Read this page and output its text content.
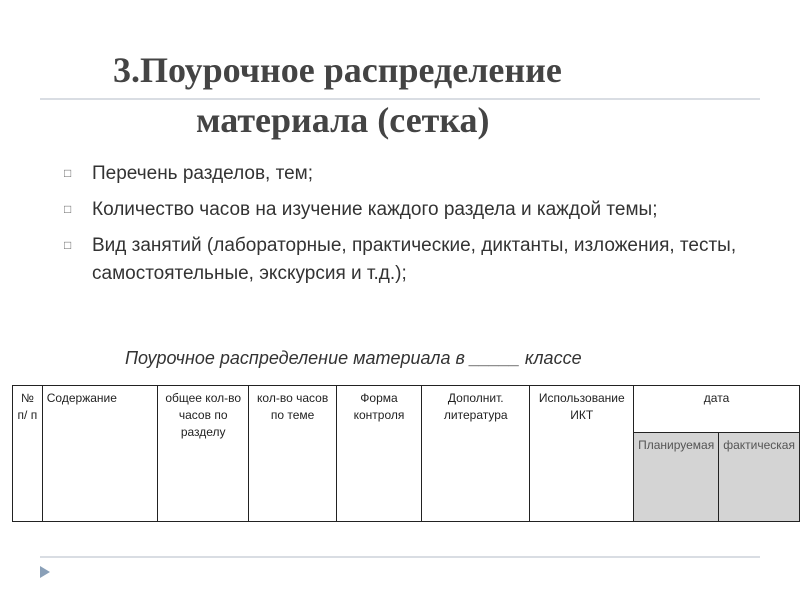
3.Поурочное распределение
материала (сетка)
□ Перечень разделов, тем;
□ Количество часов на изучение каждого раздела и каждой темы;
□ Вид занятий (лабораторные, практические, диктанты, изложения, тесты, самостоятельные, экскурсия и т.д.);
Поурочное распределение материала в _____ классе
№ п/ п	Содержание	общее кол-во часов по разделу	кол-во часов по теме	Форма контроля	Дополнит. литература	Использование ИКТ	дата	
							Планируемая	фактическая
